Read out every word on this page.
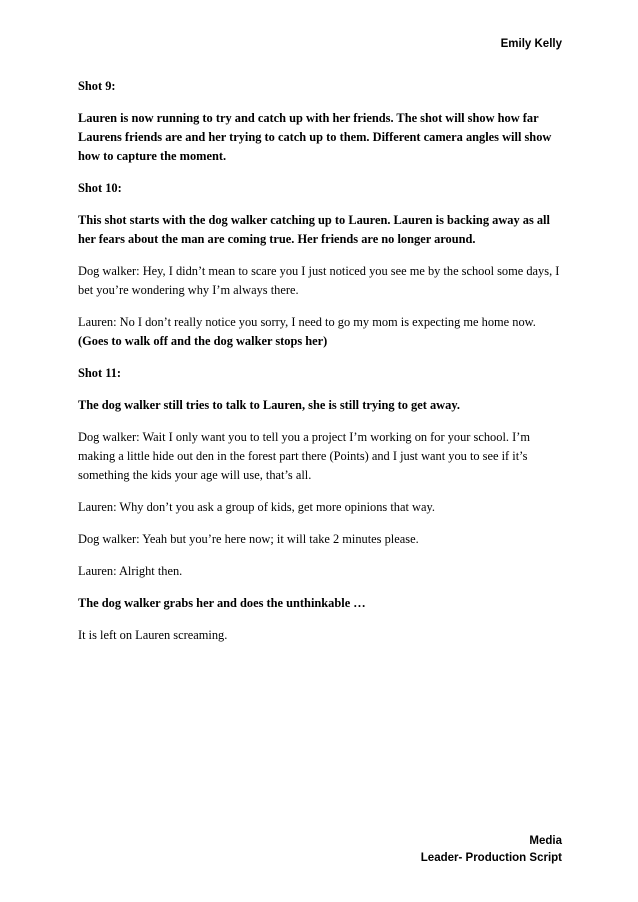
Emily Kelly

Shot 9:

Lauren is now running to try and catch up with her friends. The shot will show how far Laurens friends are and her trying to catch up to them. Different camera angles will show how to capture the moment.

Shot 10:

This shot starts with the dog walker catching up to Lauren. Lauren is backing away as all her fears about the man are coming true. Her friends are no longer around.

Dog walker: Hey, I didn’t mean to scare you I just noticed you see me by the school some days, I bet you’re wondering why I’m always there.

Lauren: No I don’t really notice you sorry, I need to go my mom is expecting me home now.

(Goes to walk off and the dog walker stops her)

Shot 11:

The dog walker still tries to talk to Lauren, she is still trying to get away.

Dog walker: Wait I only want you to tell you a project I’m working on for your school. I’m making a little hide out den in the forest part there (Points) and I just want you to see if it’s something the kids your age will use, that’s all.

Lauren: Why don’t you ask a group of kids, get more opinions that way.

Dog walker: Yeah but you’re here now; it will take 2 minutes please.

Lauren: Alright then.

The dog walker grabs her and does the unthinkable …

It is left on Lauren screaming.

Media
Leader- Production Script
